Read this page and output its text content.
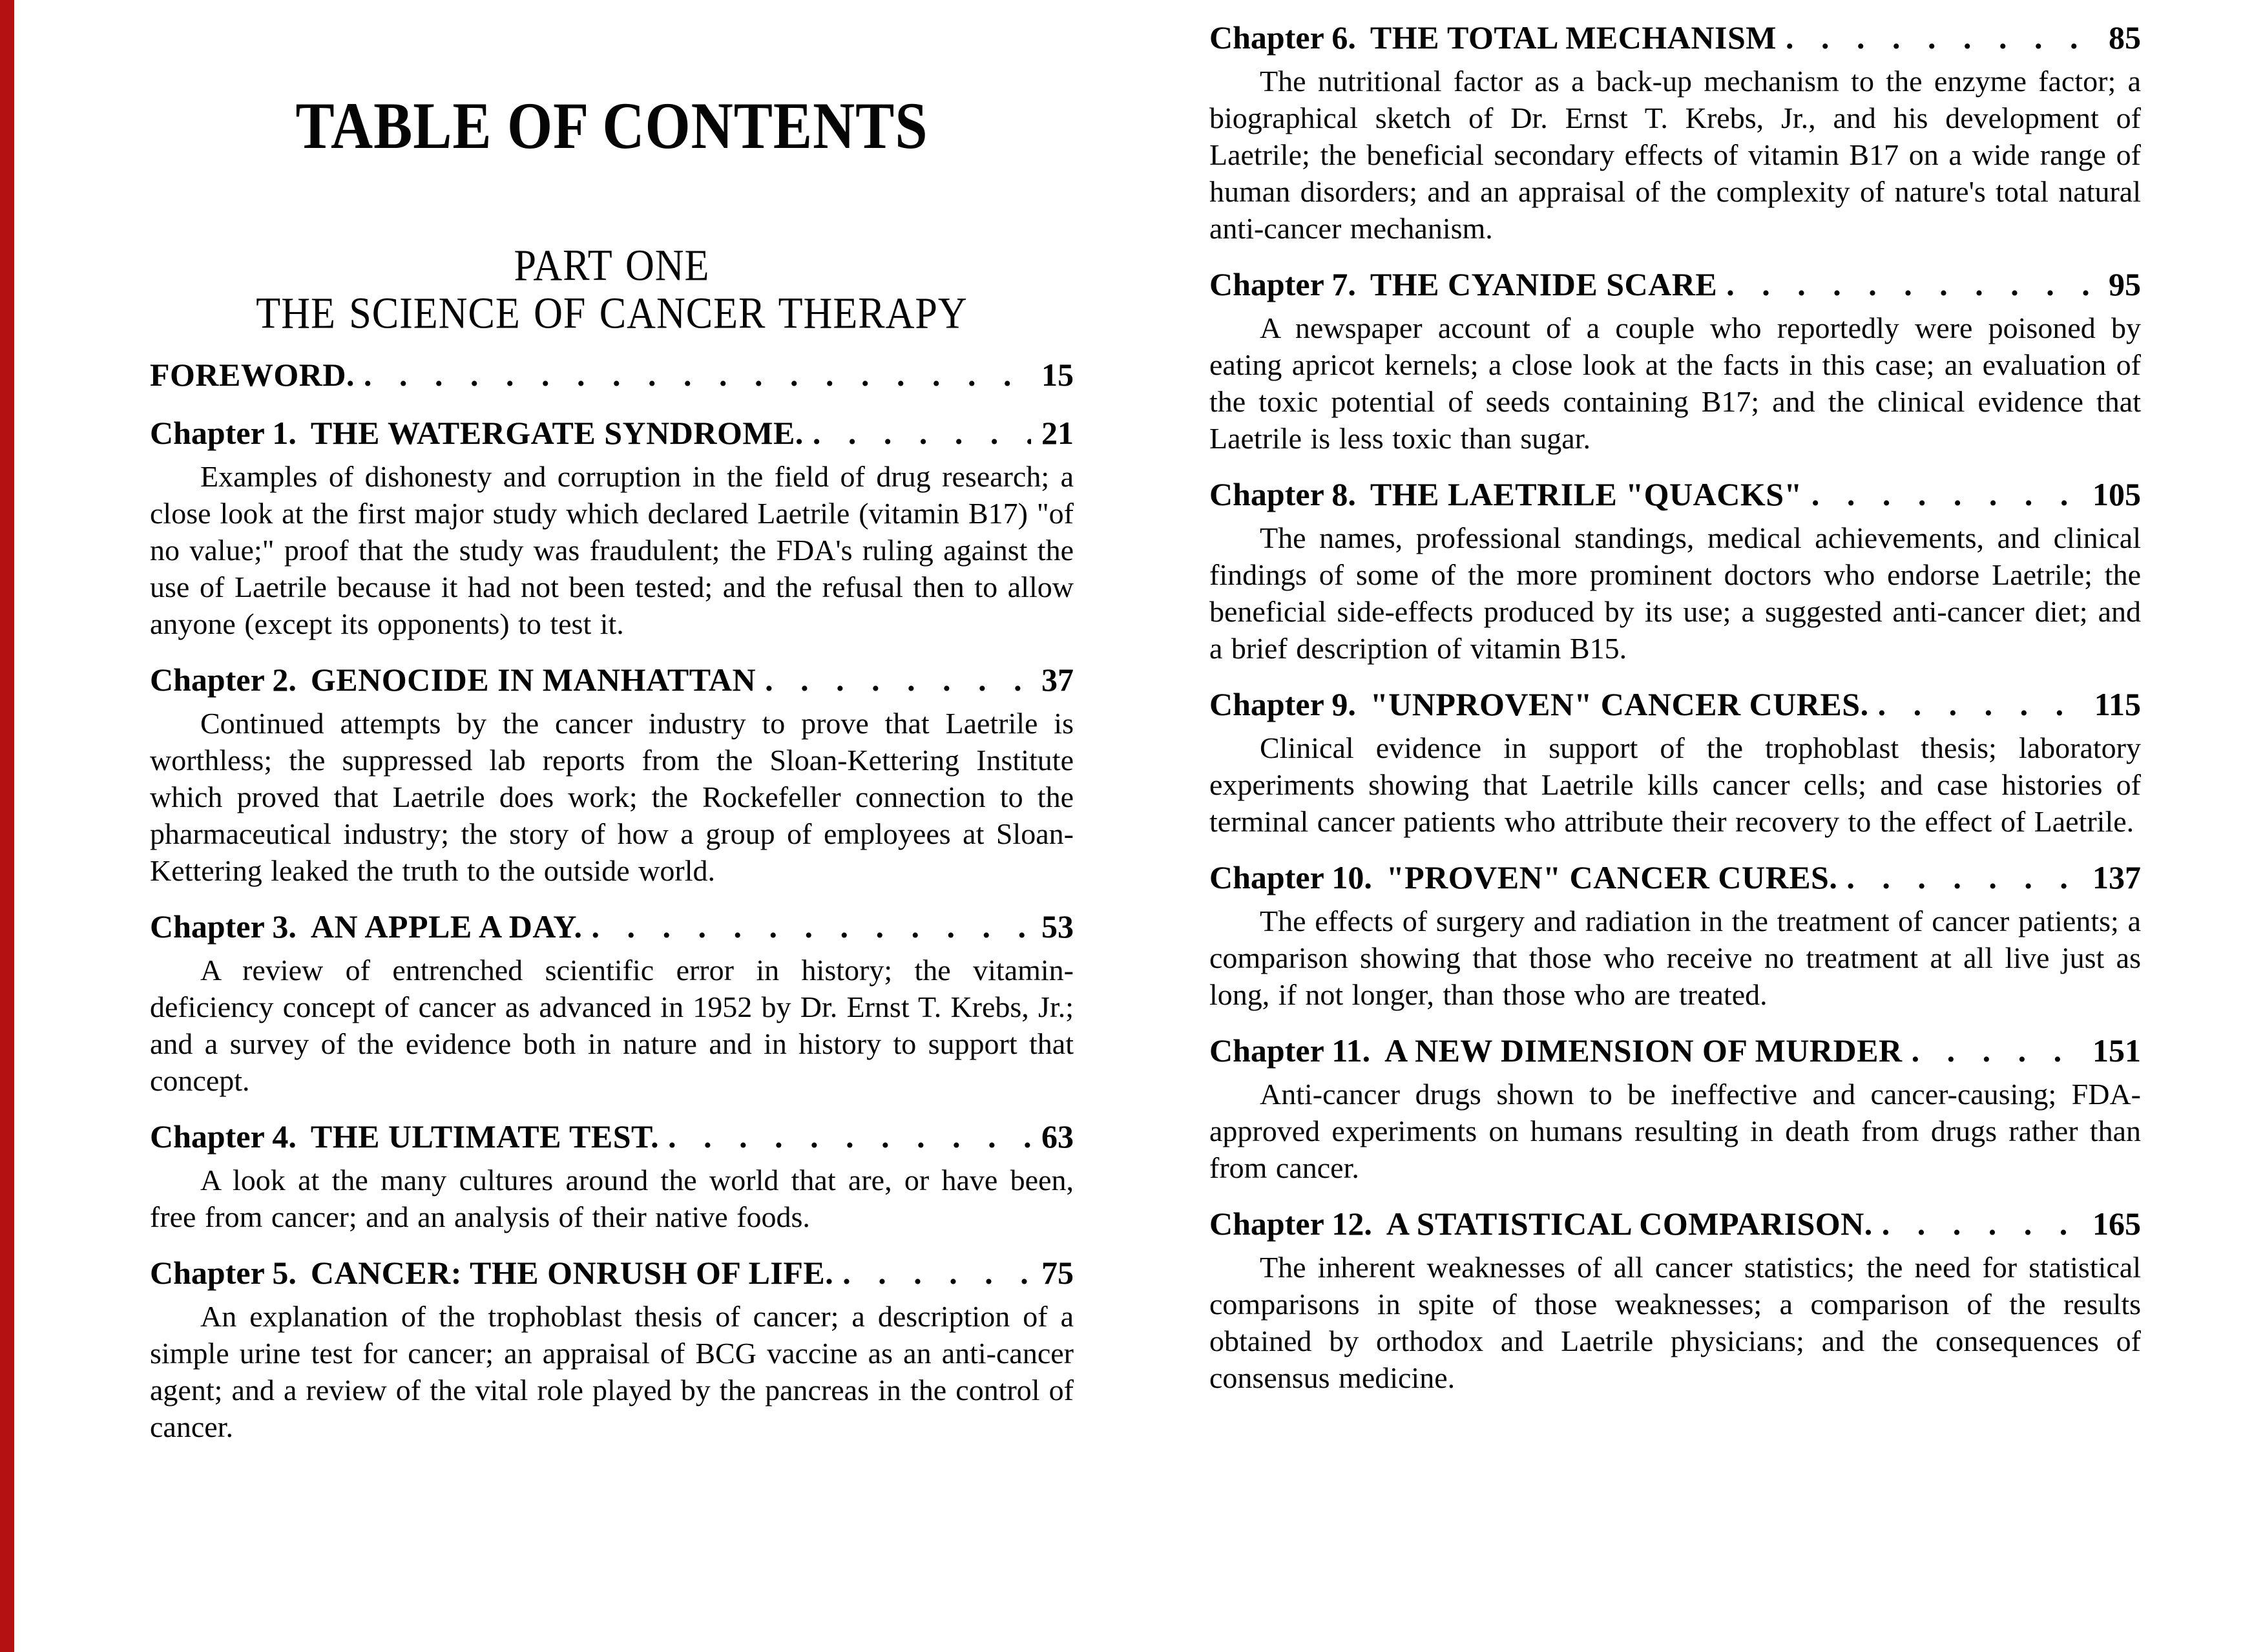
TABLE OF CONTENTS
PART ONE
THE SCIENCE OF CANCER THERAPY
FOREWORD. . . .	15
Chapter 1. THE WATERGATE SYNDROME. . . .	21

Examples of dishonesty and corruption in the field of drug research; a close look at the first major study which declared Laetrile (vitamin B17) "of no value;" proof that the study was fraudulent; the FDA's ruling against the use of Laetrile because it had not been tested; and the refusal then to allow anyone (except its opponents) to test it.

Chapter 2. GENOCIDE IN MANHATTAN . . .	37

Continued attempts by the cancer industry to prove that Laetrile is worthless; the suppressed lab reports from the Sloan-Kettering Institute which proved that Laetrile does work; the Rockefeller connection to the pharmaceutical industry; the story of how a group of employees at Sloan-Kettering leaked the truth to the outside world.

Chapter 3. AN APPLE A DAY. . . .	53

A review of entrenched scientific error in history; the vitamin-deficiency concept of cancer as advanced in 1952 by Dr. Ernst T. Krebs, Jr.; and a survey of the evidence both in nature and in history to support that concept.

Chapter 4. THE ULTIMATE TEST. . . .	63

A look at the many cultures around the world that are, or have been, free from cancer; and an analysis of their native foods.

Chapter 5. CANCER: THE ONRUSH OF LIFE. . . .	75

An explanation of the trophoblast thesis of cancer; a description of a simple urine test for cancer; an appraisal of BCG vaccine as an anti-cancer agent; and a review of the vital role played by the pancreas in the control of cancer.

Chapter 6. THE TOTAL MECHANISM . . .	85

The nutritional factor as a back-up mechanism to the enzyme factor; a biographical sketch of Dr. Ernst T. Krebs, Jr., and his development of Laetrile; the beneficial secondary effects of vitamin B17 on a wide range of human disorders; and an appraisal of the complexity of nature's total natural anti-cancer mechanism.

Chapter 7. THE CYANIDE SCARE . . .	95

A newspaper account of a couple who reportedly were poisoned by eating apricot kernels; a close look at the facts in this case; an evaluation of the toxic potential of seeds containing B17; and the clinical evidence that Laetrile is less toxic than sugar.

Chapter 8. THE LAETRILE "QUACKS" . . .	105

The names, professional standings, medical achievements, and clinical findings of some of the more prominent doctors who endorse Laetrile; the beneficial side-effects produced by its use; a suggested anti-cancer diet; and a brief description of vitamin B15.

Chapter 9. "UNPROVEN" CANCER CURES. . . .	115

Clinical evidence in support of the trophoblast thesis; laboratory experiments showing that Laetrile kills cancer cells; and case histories of terminal cancer patients who attribute their recovery to the effect of Laetrile.

Chapter 10. "PROVEN" CANCER CURES. . . .	137

The effects of surgery and radiation in the treatment of cancer patients; a comparison showing that those who receive no treatment at all live just as long, if not longer, than those who are treated.

Chapter 11. A NEW DIMENSION OF MURDER . . .	151

Anti-cancer drugs shown to be ineffective and cancer-causing; FDA-approved experiments on humans resulting in death from drugs rather than from cancer.

Chapter 12. A STATISTICAL COMPARISON. . . .	165

The inherent weaknesses of all cancer statistics; the need for statistical comparisons in spite of those weaknesses; a comparison of the results obtained by orthodox and Laetrile physicians; and the consequences of consensus medicine.
